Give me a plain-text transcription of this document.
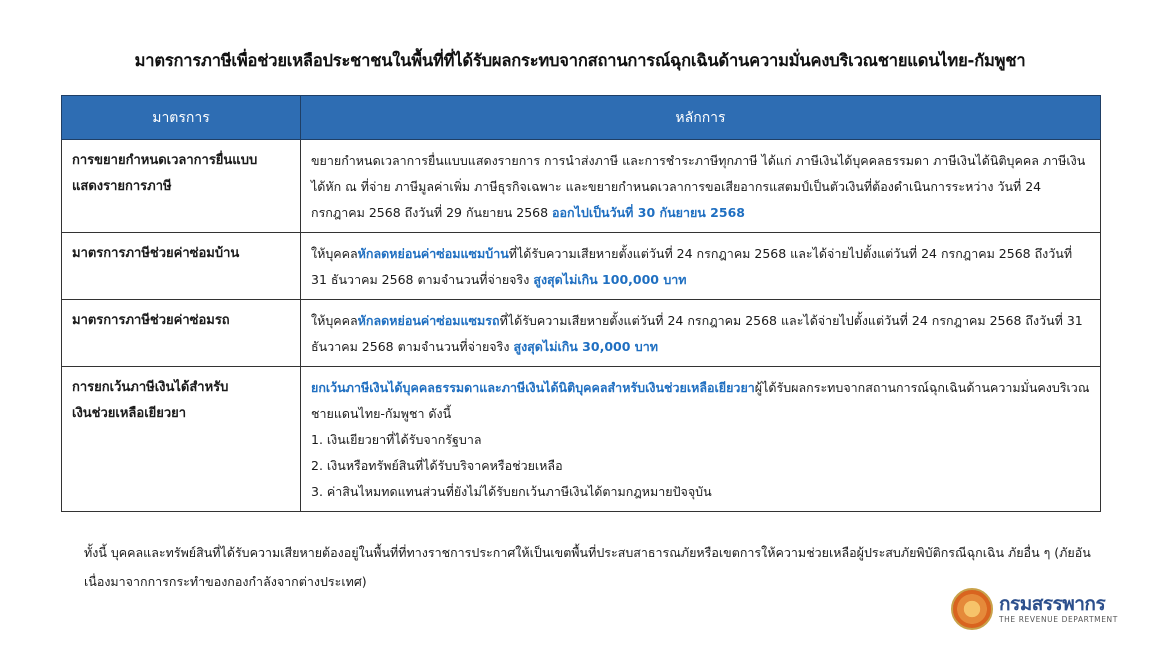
มาตรการภาษีเพื่อช่วยเหลือประชาชนในพื้นที่ที่ได้รับผลกระทบจากสถานการณ์ฉุกเฉินด้านความมั่นคงบริเวณชายแดนไทย-กัมพูชา
มาตรการ	หลักการ

การขยายกำหนดเวลาการยื่นแบบ
แสดงรายการภาษี	ขยายกำหนดเวลาการยื่นแบบแสดงรายการ การนำส่งภาษี และการชำระภาษีทุกภาษี ได้แก่ ภาษีเงินได้บุคคลธรรมดา ภาษีเงินได้นิติบุคคล ภาษีเงินได้หัก ณ ที่จ่าย ภาษีมูลค่าเพิ่ม ภาษีธุรกิจเฉพาะ และขยายกำหนดเวลาการขอเสียอากรแสตมป์เป็นตัวเงินที่ต้องดำเนินการระหว่าง วันที่ 24 กรกฎาคม 2568 ถึงวันที่ 29 กันยายน 2568 ออกไปเป็นวันที่ 30 กันยายน 2568
มาตรการภาษีช่วยค่าซ่อมบ้าน	ให้บุคคลหักลดหย่อนค่าซ่อมแซมบ้านที่ได้รับความเสียหายตั้งแต่วันที่ 24 กรกฎาคม 2568 และได้จ่ายไปตั้งแต่วันที่ 24 กรกฎาคม 2568 ถึงวันที่ 31 ธันวาคม 2568 ตามจำนวนที่จ่ายจริง สูงสุดไม่เกิน 100,000 บาท
มาตรการภาษีช่วยค่าซ่อมรถ	ให้บุคคลหักลดหย่อนค่าซ่อมแซมรถที่ได้รับความเสียหายตั้งแต่วันที่ 24 กรกฎาคม 2568 และได้จ่ายไปตั้งแต่วันที่ 24 กรกฎาคม 2568 ถึงวันที่ 31 ธันวาคม 2568 ตามจำนวนที่จ่ายจริง สูงสุดไม่เกิน 30,000 บาท

การยกเว้นภาษีเงินได้สำหรับ
เงินช่วยเหลือเยียวยา	ยกเว้นภาษีเงินได้บุคคลธรรมดาและภาษีเงินได้นิติบุคคลสำหรับเงินช่วยเหลือเยียวยาผู้ได้รับผลกระทบจากสถานการณ์ฉุกเฉินด้านความมั่นคงบริเวณชายแดนไทย-กัมพูชา ดังนี้
1. เงินเยียวยาที่ได้รับจากรัฐบาล
2. เงินหรือทรัพย์สินที่ได้รับบริจาคหรือช่วยเหลือ
3. ค่าสินไหมทดแทนส่วนที่ยังไม่ได้รับยกเว้นภาษีเงินได้ตามกฎหมายปัจจุบัน
ทั้งนี้ บุคคลและทรัพย์สินที่ได้รับความเสียหายต้องอยู่ในพื้นที่ที่ทางราชการประกาศให้เป็นเขตพื้นที่ประสบสาธารณภัยหรือเขตการให้ความช่วยเหลือผู้ประสบภัยพิบัติกรณีฉุกเฉิน ภัยอื่น ๆ (ภัยอันเนื่องมาจากการกระทำของกองกำลังจากต่างประเทศ)
กรมสรรพากร
THE REVENUE DEPARTMENT
